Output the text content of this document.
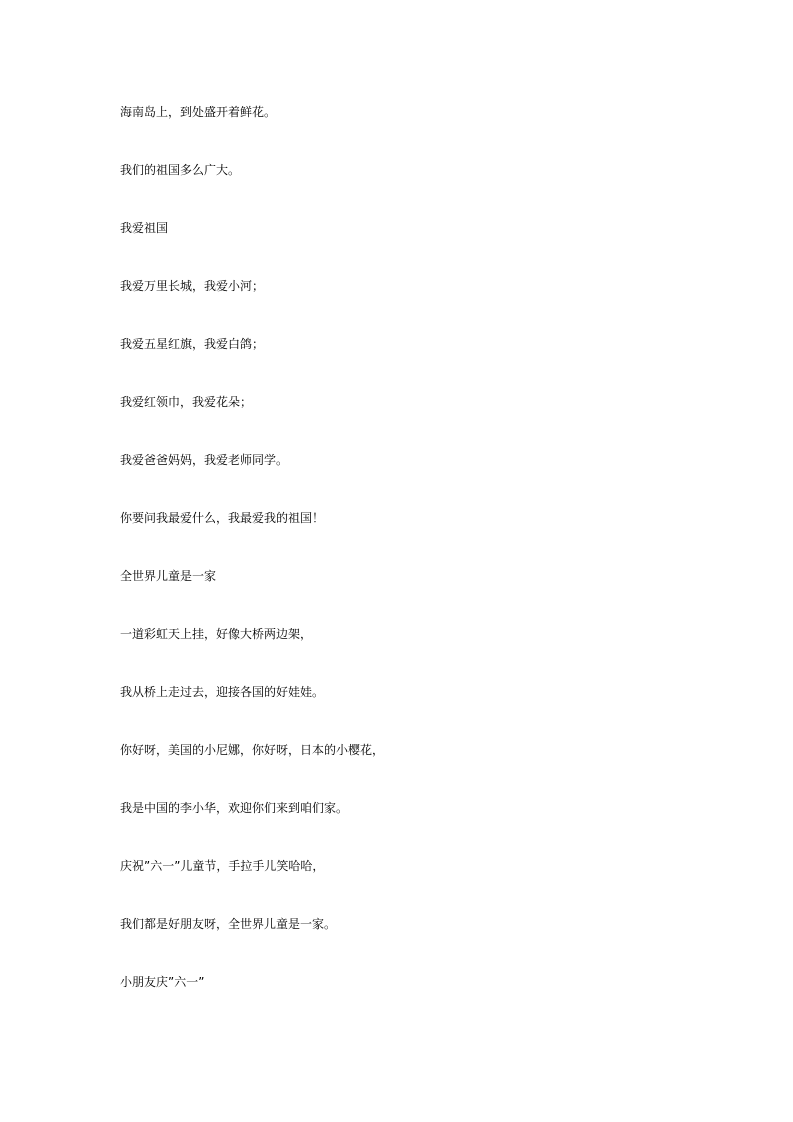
海南岛上，到处盛开着鲜花。

我们的祖国多么广大。

我爱祖国

我爱万里长城，我爱小河；

我爱五星红旗，我爱白鸽；

我爱红领巾，我爱花朵；

我爱爸爸妈妈，我爱老师同学。

你要问我最爱什么，我最爱我的祖国！

全世界儿童是一家

一道彩虹天上挂，好像大桥两边架，

我从桥上走过去，迎接各国的好娃娃。

你好呀，美国的小尼娜，你好呀，日本的小樱花，

我是中国的李小华，欢迎你们来到咱们家。

庆祝”六一”儿童节，手拉手儿笑哈哈，

我们都是好朋友呀，全世界儿童是一家。

小朋友庆”六一”
